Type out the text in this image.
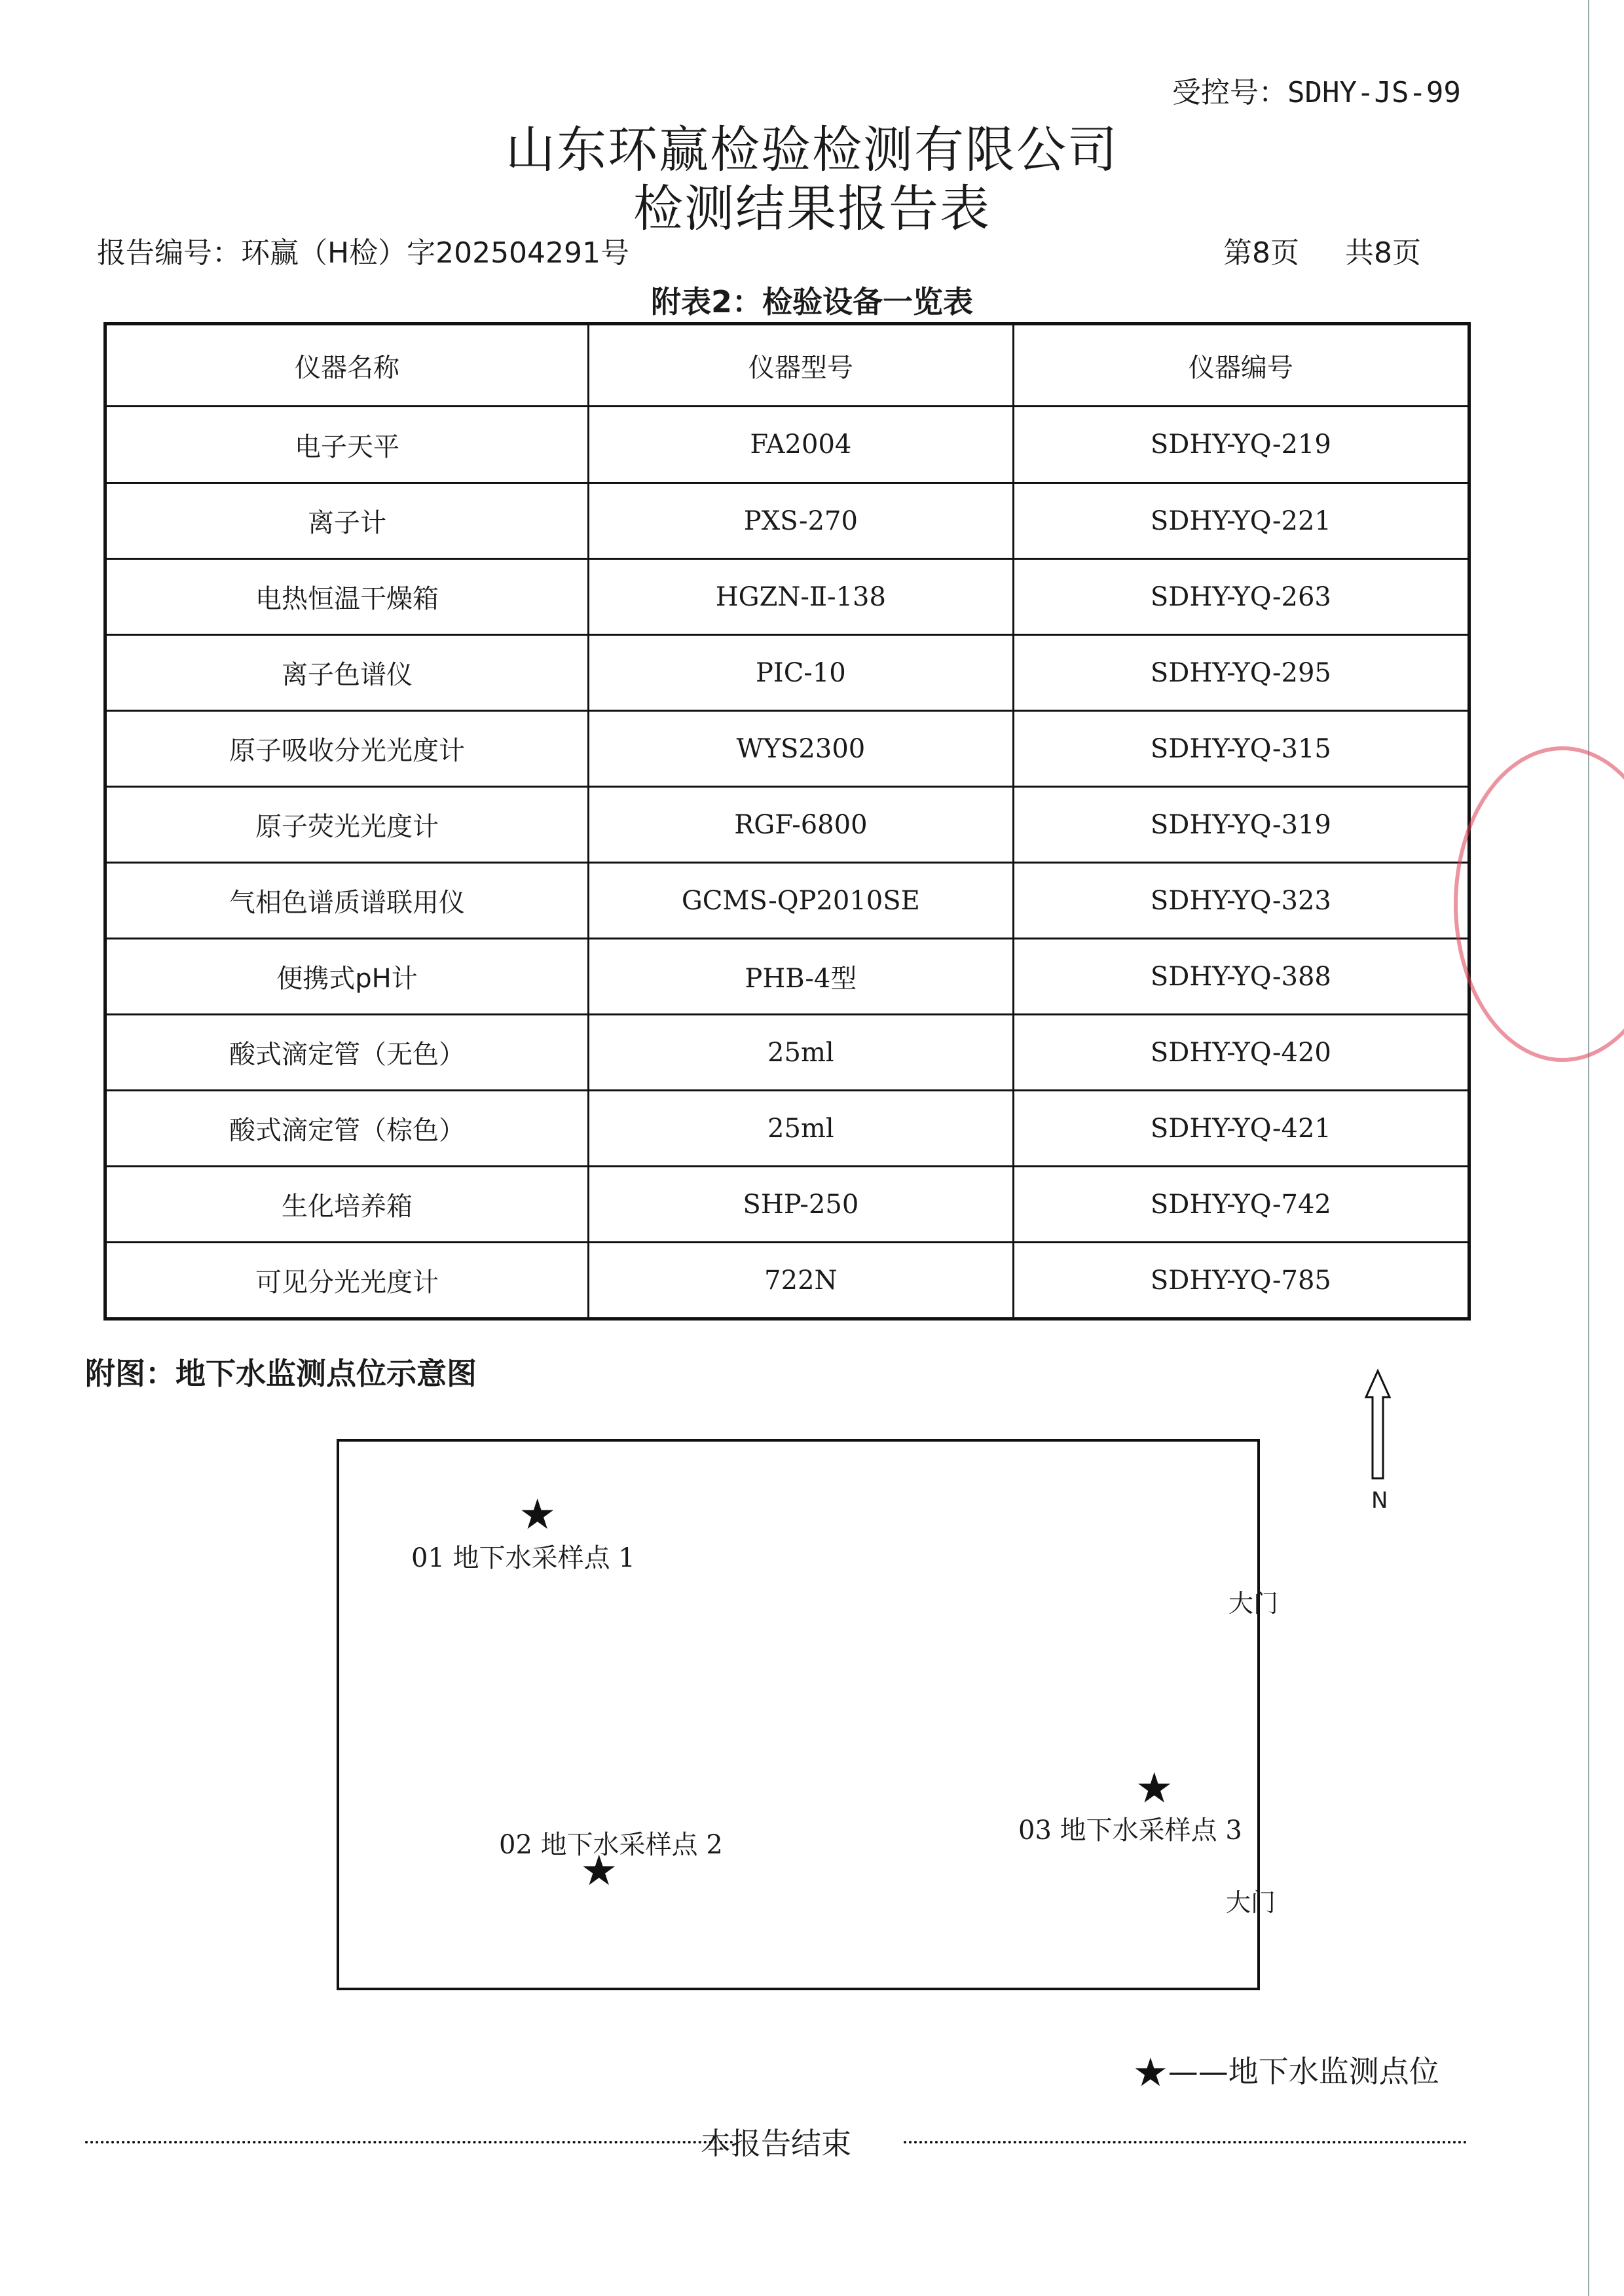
受控号：SDHY-JS-99
山东环赢检验检测有限公司
检测结果报告表
报告编号：环赢（H检）字202504291号	第8页 共8页
附表2：检验设备一览表
仪器名称	仪器型号	仪器编号
电子天平	FA2004	SDHY-YQ-219
离子计	PXS-270	SDHY-YQ-221
电热恒温干燥箱	HGZN-Ⅱ-138	SDHY-YQ-263
离子色谱仪	PIC-10	SDHY-YQ-295
原子吸收分光光度计	WYS2300	SDHY-YQ-315
原子荧光光度计	RGF-6800	SDHY-YQ-319
气相色谱质谱联用仪	GCMS-QP2010SE	SDHY-YQ-323
便携式pH计	PHB-4型	SDHY-YQ-388
酸式滴定管（无色）	25ml	SDHY-YQ-420
酸式滴定管（棕色）	25ml	SDHY-YQ-421
生化培养箱	SHP-250	SDHY-YQ-742
可见分光光度计	722N	SDHY-YQ-785
附图：地下水监测点位示意图
N
大门
大门
★
01 地下水采样点 1
02 地下水采样点 2
★
★
03 地下水采样点 3
★——地下水监测点位
本报告结束
